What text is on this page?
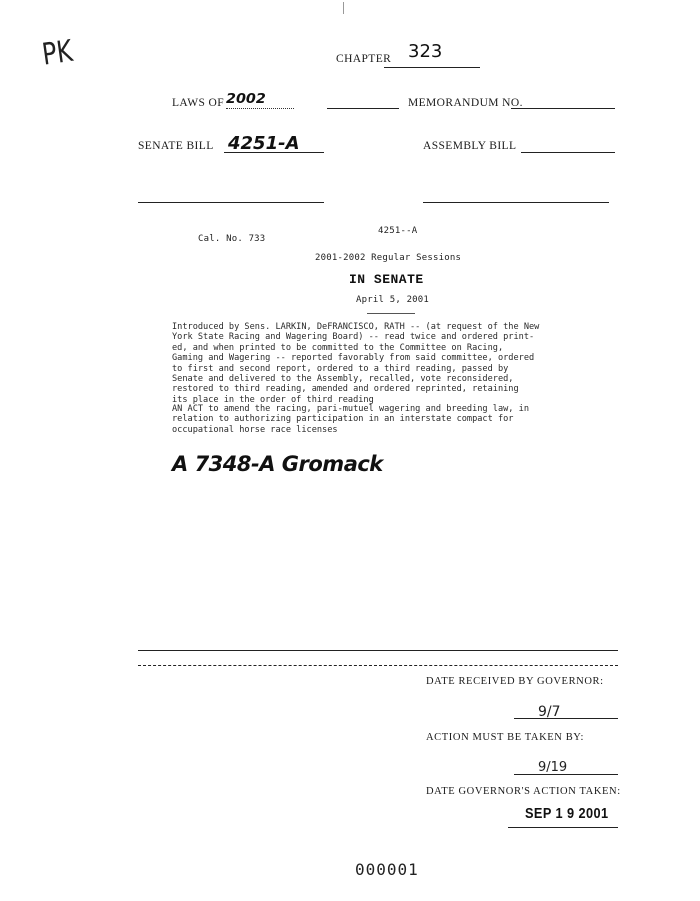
PK	CHAPTER 323
LAWS OF 2002	MEMORANDUM NO.
SENATE BILL 4251-A	ASSEMBLY BILL
4251--A
Cal. No. 733
2001-2002 Regular Sessions
IN SENATE
April 5, 2001
Introduced by Sens. LARKIN, DeFRANCISCO, RATH -- (at request of the New
York State Racing and Wagering Board) -- read twice and ordered print-
ed, and when printed to be committed to the Committee on Racing,
Gaming and Wagering -- reported favorably from said committee, ordered
to first and second report, ordered to a third reading, passed by
Senate and delivered to the Assembly, recalled, vote reconsidered,
restored to third reading, amended and ordered reprinted, retaining
its place in the order of third reading
AN ACT to amend the racing, pari-mutuel wagering and breeding law, in
relation to authorizing participation in an interstate compact for
occupational horse race licenses
A 7348-A Gromack
DATE RECEIVED BY GOVERNOR:
9/7
ACTION MUST BE TAKEN BY:
9/19
DATE GOVERNOR'S ACTION TAKEN:
SEP 1 9 2001
000001
